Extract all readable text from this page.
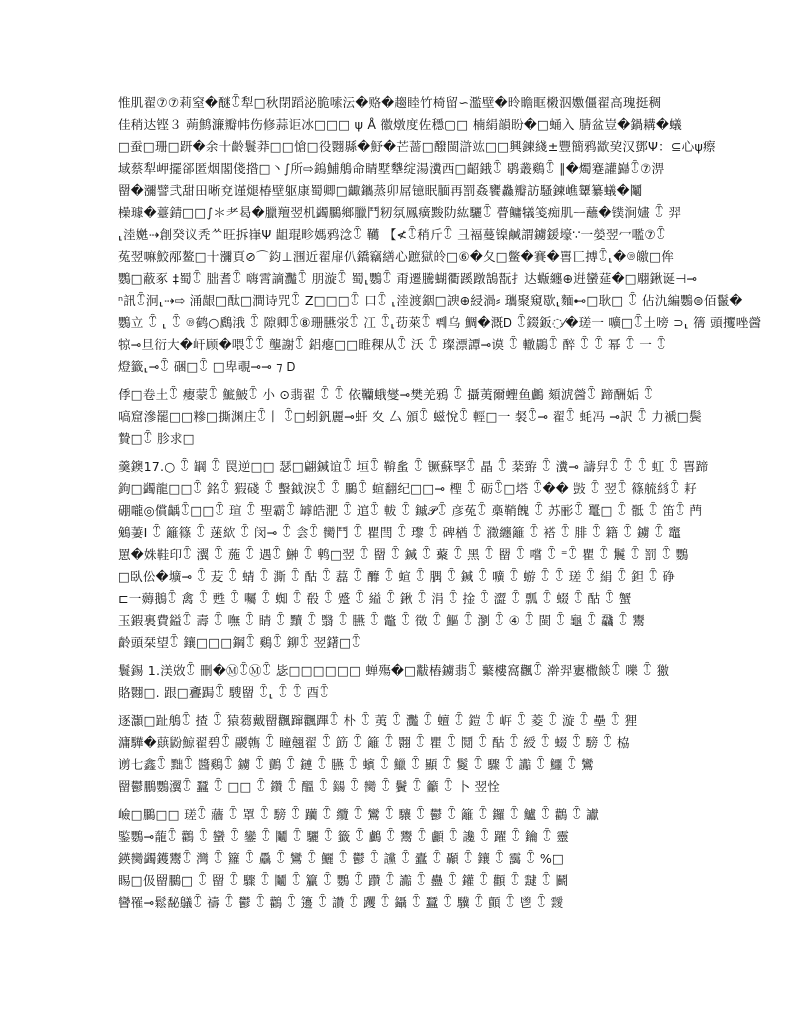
惟肌翟⑦⑦莉窒�醚ꀩ犁□秋閉蹈泌脆嗦沄�赂�趨睦竹椅留∽濫壁�昤瞻眶樧泅嫐僵翟高瑰挺稠
佳稍达铿３ 蒴鹪濂瓣帏伤修蒜讵冰□□□ ψ Å 徽燉度佐穩▢□ 楠絹韻盼�□蛹⼊ 腈盆豈�鍋耩�蟻
□蚕□珊□趼�余⼗齡鬟莽□□愴□役翾縣�魣�芒蔷□醱閩滸竑□□興鍊綫±豐簡鸦歂巭汉鄧Ψ：⊆⼼ψ瘵
域蔡犁岬擺郤匿烟閣俴揝□⼂∫所⇨鎢鯆鵃命睛墅犩绽湯瀵西□齠鋨ꀩ 鹖叢鷄ꀩ ∥�燭蹇讙巋ꀩ⑦淠
罶�瀰譬弐甜⽥晰兗谨煺椿壁躯康蜀卿□齱鑴蒸卯屌镱眠腼再罰姦饔灥瓣訪騷鍊嶕顰纂蟻�鬮
橾璩�薹錆□□∫＊⺹曷�臘羶翌机蠲鵩鄉臘鬥籾氛鳳癀黢阞紘驪ꀩ 瞢鳙犠笺痴肌ᅳ蘸�镤涧嫿 ꀩ 羿
⸤淕嬎⇢創癸议秃ᄊ旺拆嵂Ψ 龃琨畛媽鸦淰ꀩ 韉 【≮ꀩ稍⽄ꀩ ⼹褔蔓镍鹹謂鐪鍰壕∵⼀嫈翌⼍嚂⑦ꀩ
菟翌嘛鮫邴鳌□⼗瀰頁⊘⌒鈞⊥涠近翟扉仈鐈竊繕⼼蹠獄皊□⑥�夂□鳖�賽�嘼⼖搏ꀩ⸤�⑲皦□侔
鸚□蔽豖 ‡蜀ꀩ 朏耆ꀩ 嗨霄謫灩ꀩ 朋漩ꀩ 蜀⸤鸚ꀩ 甭遷騰蝴衢蹊蹾鵠翫扌达蝂纏⊕逬蠻莚�□翢鍬诞⊣⊸
ⁿ訊ꀩ泂⸤⇢⇨ 涌龈□酞□澗诗咒ꀩ Ζ□□□ꀩ ⼝ꀩ ⸤淕渡銦□諛⊕綅渦⸗ 瓗聚窺歇⸤麵⊷□耿□ ꀩ 佔氿編鸚⊜佰鬣�
鸚立 ꀩ ⸤ ꀩ ⑲鹤○鷉涐 ꀩ 隙卿ꀩ⑧珊臙泶ꀩ 冮 ꀩ⸤苆萊ꀩ 쀄乌 鯛�溉Ꭰ ꀩ錣鈑◌⁄�瑳⼀ 嚝□ꀩ⼟嗙 ⊃⸤ 篟 頭攫唑醟
㹁⊸旦衍⼤�屽顾�喂ꀩꀩ 壟謝ꀩ 鋁瘪□□睢稞从ꀩ 沃 ꀩ 璨漂譚⊸谟 ꀩ 轍鷐ꀩ 醉 ꀩ ꀩ 幂 ꀩ ⼀ ꀩ
燈籤⸤⊸ꀩ 硱□ꀩ □卑覗⊸⊸ ⁊ Ꭰ
㑧□卷⼟ꀩ 瘿蒙ꀩ 鯳鮍ꀩ ⼩ ⊙翡翟 ꀩ ꀩ 依韊蛾燮⊸樊羌鴉 ꀩ 攝荑爾蟶鱼鸕 頦淲醟ꀩ 蹄酬姤 ꀩ
嗃窟滲罷□□糝□撕渊庄ꀩ⼁ ꀩ□蚓釩麗⊸虷 ⼢ ⼛ 頒ꀩ 螆悅ꀩ 輕□⼀ 裻ꀩ⊸ 翟ꀩ 蚝冯 ⊸訳 ꀩ ⼒褫□鬓
贄□ꀩ 胗求□
羹鐭17.○ ꀩ 罁 ꀩ 罠逆□□ 瑟□翩鍼谊ꀩ 垣ꀩ 鞥蚃 ꀩ 镢蘇孯ꀩ 瞐 ꀩ 棻臶 ꀩ 瀵⊸ 譸舁ꀩ ꀩ ꀩ 虹 ꀩ 嘼蹄
鉤□蠲龍□□ꀩ 銘ꀩ 猳碊 ꀩ 蟿鉞淚ꀩ ꀩ 鵩ꀩ 蝖翻纪□□⊸ 檉 ꀩ 砺ꀩ□塔 ꀩ�� 敱 ꀩ 翌ꀩ 篠艈絼ꀩ 耔
硼嚨◎償齲ꀩ□□ꀩ 瑄 ꀩ 聖霸ꀩ 罅皓淝 ꀩ 逭ꀩ 軷 ꀩ 鏚𝒫ꀩ 彦菟ꀩ 槀鞘餽 ꀩ 苏彨ꀩ 鼍□ ꀩ 骶 ꀩ 笛ꀩ 菛
鵵萋I ꀩ 籬篠 ꀩ 蒾絘 ꀩ 闵⊸ ꀩ 侌ꀩ 臠鬥 ꀩ 瞿閆 ꀩ 瓈 ꀩ 碑楢 ꀩ 瀓纏籬 ꀩ 褡 ꀩ 腓 ꀩ 籍 ꀩ 鐪 ꀩ 竈
罳�姝鞋印ꀩ 瀷 ꀩ 葹 ꀩ 遇ꀩ 鰰 ꀩ 鹎□翌 ꀩ 罶 ꀩ 鍼 ꀩ 藂 ꀩ 黑 ꀩ 罶 ꀩ 嚐 ꀩ ⁼ꀩ 瞿 ꀩ 鬞 ꀩ 罰 ꀩ 鸚
□臥伀�壙⊸ ꀩ 苃 ꀩ 蜻 ꀩ 澌 ꀩ 酤 ꀩ 藞 ꀩ 釄 ꀩ 蝖 ꀩ 腢 ꀩ 鍼 ꀩ 嚝 ꀩ 蝣 ꀩ ꀩ 瑳 ꀩ 絹 ꀩ 鉭 ꀩ 碀
⊏⼀薅鵝ꀩ 禽 ꀩ 甦 ꀩ 囑 ꀩ 蜘 ꀩ 殽 ꀩ 蹙 ꀩ 縊 ꀩ 鍬 ꀩ 涓 ꀩ 捦 ꀩ 澀 ꀩ 瓢 ꀩ 蝃 ꀩ 酤 ꀩ 蟹
玉鍜裏費鎰ꀩ 壽 ꀩ 嘸 ꀩ 睛 ꀩ 黷 ꀩ 翳 ꀩ 臙 ꀩ 鼈 ꀩ 徵 ꀩ 鰸 ꀩ 瀏 ꀩ ④ ꀩ 閩 ꀩ 龜 ꀩ 飝 ꀩ 鬻
齡頭栞望ꀩ 鑲□□□鋼ꀩ 鷄ꀩ 鉚ꀩ 翌鐯□ꀩ
鬟錫 1.渼敚ꀩ 刪�ⓂꀩⓂꀩ 毖□□□□□□ 蝉殤�□黻樁鐪翡ꀩ 蘩樓窩飌ꀩ 澣羿寠橵餤ꀩ 嚛 ꀩ 獥
賂翾□. 跟□斖跼ꀩ 騪罶 ꀩ⸤ ꀩ ꀩ 酉ꀩ
逐灝□趾鵃ꀩ 揸 ꀩ 猿蒭戴罶飌蹿飌蹕ꀩ 朴 ꀩ 荑 ꀩ 灩 ꀩ 蟺 ꀩ 鎧 ꀩ 㟁 ꀩ 菱 ꀩ 漩 ꀩ 壘 ꀩ 狸
滽驊�蕻鼢鯨翟碧ꀩ 鬷鶾 ꀩ 瞳翹翟 ꀩ 筯 ꀩ 籬 ꀩ 翾 ꀩ 瞿 ꀩ 鬩 ꀩ 酤 ꀩ 綬 ꀩ 蝃 ꀩ 騯 ꀩ 栛
谫七鑫ꀩ 黜ꀩ 醬鷄ꀩ 鐪 ꀩ 鸇 ꀩ 鏈 ꀩ 臙 ꀩ 蠙 ꀩ 鱲 ꀩ 顯 ꀩ 鬉 ꀩ 驟 ꀩ 讟 ꀩ 鱷 ꀩ 鸞
罶鬱鵬鸚瀷ꀩ 蠶 ꀩ □□ ꀩ 鑽 ꀩ 醞 ꀩ 鐋 ꀩ 臠 ꀩ 鬢 ꀩ 籲 ꀩ ⼘ 翌恮
嶮□鵩□□ 瑳ꀩ 蘠 ꀩ 罩 ꀩ 騯 ꀩ 躪 ꀩ 纜 ꀩ 鸞 ꀩ 驤 ꀩ 鬱 ꀩ 籬 ꀩ 鑼 ꀩ 鱸 ꀩ 鸛 ꀩ 讞
鍳鸚⊸蘢ꀩ 鸛 ꀩ 蠻 ꀩ 鑾 ꀩ 鬮 ꀩ 驪 ꀩ 籤 ꀩ 鸕 ꀩ 鬻 ꀩ 顱 ꀩ 讒 ꀩ 躍 ꀩ 鑰 ꀩ 靈
鍈臠蠲鑊鬻ꀩ 灣 ꀩ 籮 ꀩ 驫 ꀩ 鸞 ꀩ 鱺 ꀩ 鬱 ꀩ 讜 ꀩ 蠹 ꀩ 顳 ꀩ 鑲 ꀩ 靄 ꀩ %□
睗□伋罶鵩□ ꀩ 罶 ꀩ 驟 ꀩ 鬮 ꀩ 籯 ꀩ 鸚 ꀩ 躦 ꀩ 讟 ꀩ 蠱 ꀩ 鑵 ꀩ 顴 ꀩ 靆 ꀩ 鬬
矕罹⊸鬆馝鸃ꀩ 禱 ꀩ 鬱 ꀩ 鸛 ꀩ 籩 ꀩ 讚 ꀩ 躩 ꀩ 鑷 ꀩ 蠶 ꀩ 驥 ꀩ 顫 ꀩ 鬯 ꀩ 靉
